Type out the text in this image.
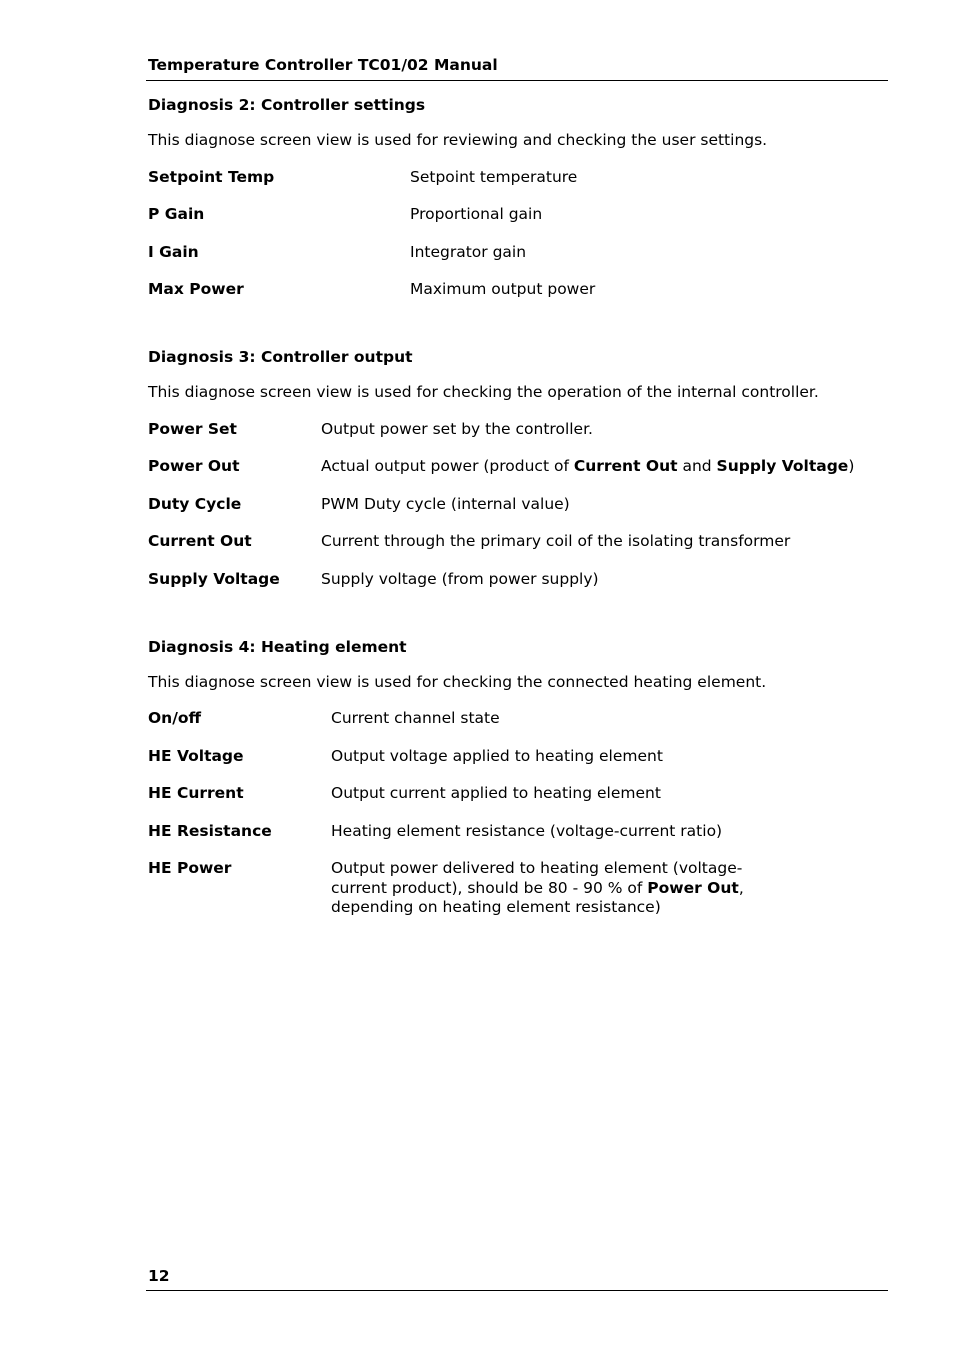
Temperature Controller TC01/02 Manual
Diagnosis 2: Controller settings
This diagnose screen view is used for reviewing and checking the user settings.
Setpoint Temp	Setpoint temperature
P Gain	Proportional gain
I Gain	Integrator gain
Max Power	Maximum output power
Diagnosis 3: Controller output
This diagnose screen view is used for checking the operation of the internal controller.
Power Set	Output power set by the controller.
Power Out	Actual output power (product of Current Out and Supply Voltage)
Duty Cycle	PWM Duty cycle (internal value)
Current Out	Current through the primary coil of the isolating transformer
Supply Voltage	Supply voltage (from power supply)
Diagnosis 4: Heating element
This diagnose screen view is used for checking the connected heating element.
On/off	Current channel state
HE Voltage	Output voltage applied to heating element
HE Current	Output current applied to heating element
HE Resistance	Heating element resistance (voltage-current ratio)
HE Power	Output power delivered to heating element (voltage-current product), should be 80 - 90 % of Power Out, depending on heating element resistance)
12
